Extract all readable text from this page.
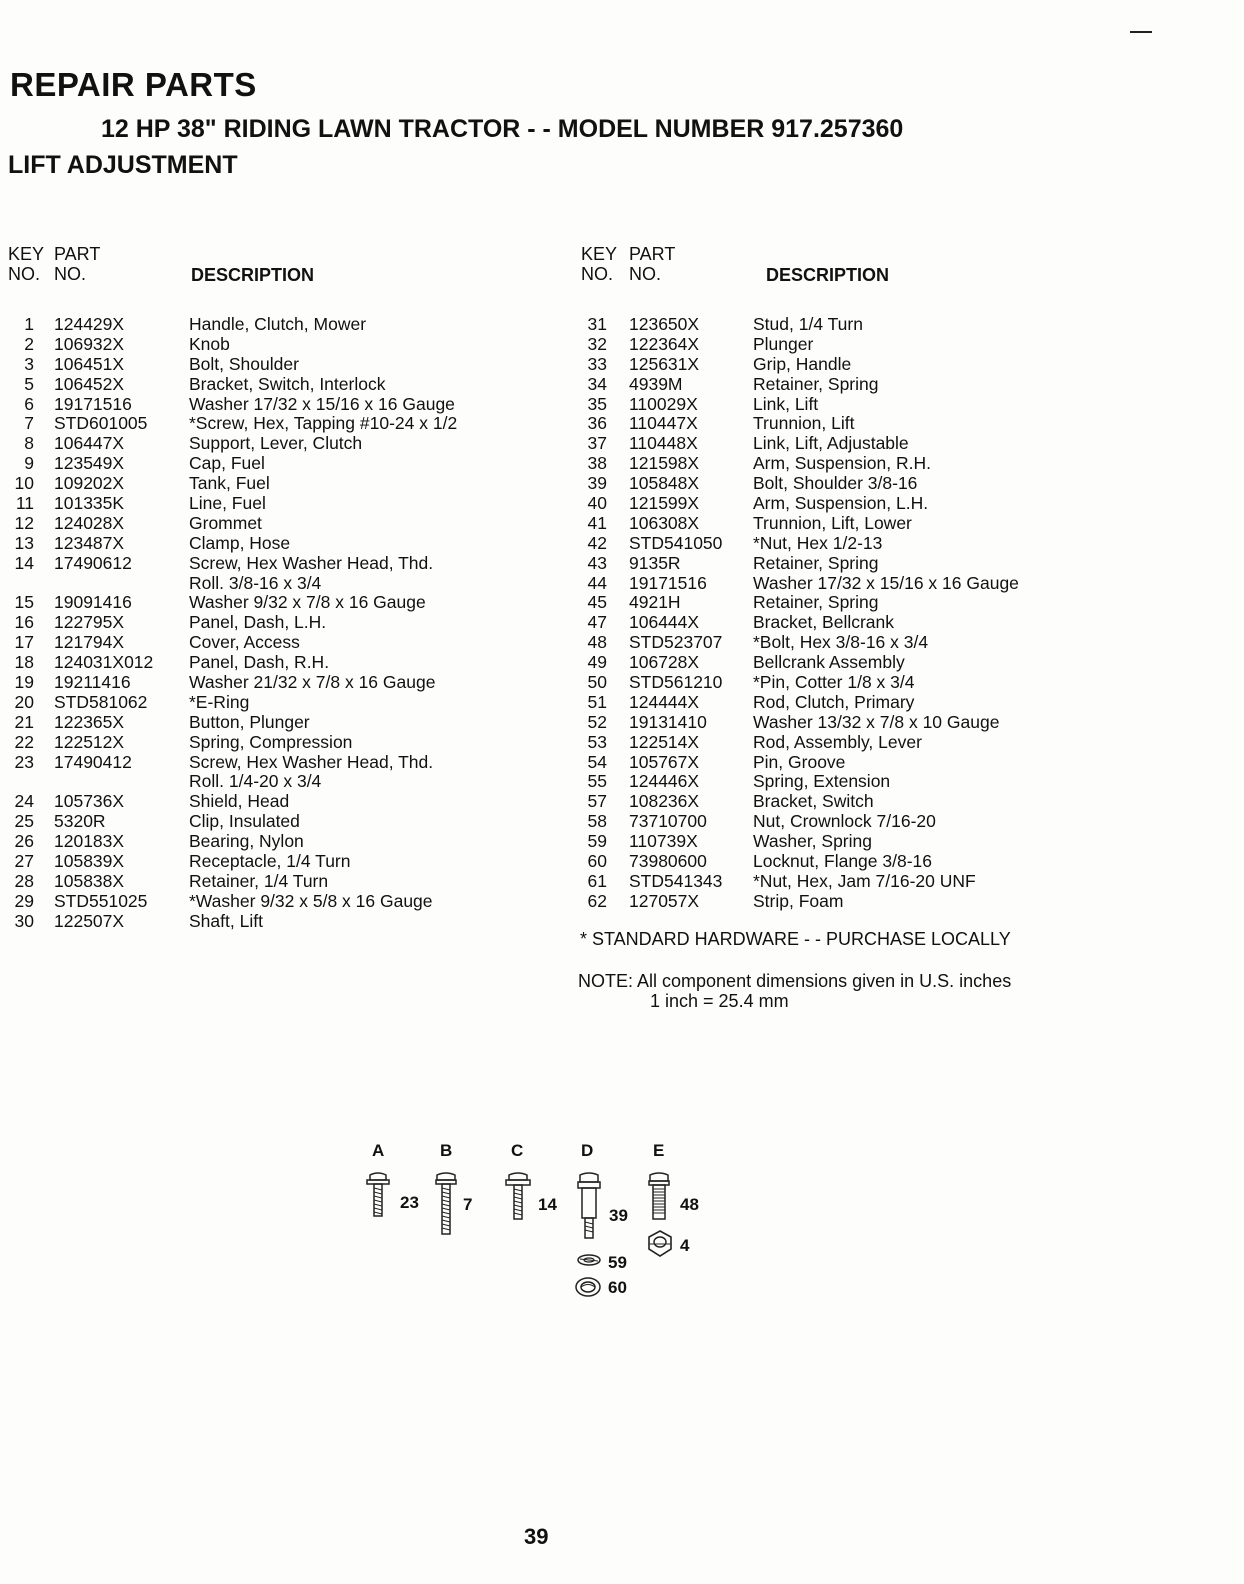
REPAIR PARTS
12 HP 38" RIDING LAWN TRACTOR - - MODEL NUMBER 917.257360
LIFT ADJUSTMENT
KEY
NO.
PART
NO.	DESCRIPTION
1 124429X	Handle, Clutch, Mower
2 106932X	Knob
3 106451X	Bolt, Shoulder
5 106452X	Bracket, Switch, Interlock
6 19171516	Washer 17/32 x 15/16 x 16 Gauge
7 STD601005 *Screw, Hex, Tapping #10-24 x 1/2
8 106447X	Support, Lever, Clutch
9 123549X	Cap, Fuel
10 109202X	Tank, Fuel
11 101335K	Line, Fuel
12 124028X	Grommet
13 123487X	Clamp, Hose
14 17490612	Screw, Hex Washer Head, Thd.
Roll. 3/8-16 x 3/4
15 19091416	Washer 9/32 x 7/8 x 16 Gauge
16 122795X	Panel, Dash, L.H.
17 121794X	Cover, Access
18 124031X012 Panel, Dash, R.H.
19 19211416	Washer 21/32 x 7/8 x 16 Gauge
20 STD581062 *E-Ring
21 122365X	Button, Plunger
22 122512X	Spring, Compression
23 17490412	Screw, Hex Washer Head, Thd.
Roll. 1/4-20 x 3/4
24 105736X	Shield, Head
25 5320R	Clip, Insulated
26 120183X	Bearing, Nylon
27 105839X	Receptacle, 1/4 Turn
28 105838X	Retainer, 1/4 Turn
29 STD551025 *Washer 9/32 x 5/8 x 16 Gauge
30 122507X	Shaft, Lift
KEY
NO.
PART
NO.	DESCRIPTION
31 123650X	Stud, 1/4 Turn
32 122364X	Plunger
33 125631X	Grip, Handle
34 4939M	Retainer, Spring
35 110029X	Link, Lift
36 110447X	Trunnion, Lift
37 110448X	Link, Lift, Adjustable
38 121598X	Arm, Suspension, R.H.
39 105848X	Bolt, Shoulder 3/8-16
40 121599X	Arm, Suspension, L.H.
41 106308X	Trunnion, Lift, Lower
42 STD541050 *Nut, Hex 1/2-13
43 9135R	Retainer, Spring
44 19171516	Washer 17/32 x 15/16 x 16 Gauge
45 4921H	Retainer, Spring
47 106444X	Bracket, Bellcrank
48 STD523707 *Bolt, Hex 3/8-16 x 3/4
49 106728X	Bellcrank Assembly
50 STD561210 *Pin, Cotter 1/8 x 3/4
51 124444X	Rod, Clutch, Primary
52 19131410	Washer 13/32 x 7/8 x 10 Gauge
53 122514X	Rod, Assembly, Lever
54 105767X	Pin, Groove
55 124446X	Spring, Extension
57 108236X	Bracket, Switch
58 73710700	Nut, Crownlock 7/16-20
59 110739X	Washer, Spring
60 73980600	Locknut, Flange 3/8-16
61 STD541343 *Nut, Hex, Jam 7/16-20 UNF
62 127057X	Strip, Foam
* STANDARD HARDWARE - - PURCHASE LOCALLY
NOTE: All component dimensions given in U.S. inches
1 inch = 25.4 mm
A	B	C	D	E
23	7	14
39
59
60
48
4
39
